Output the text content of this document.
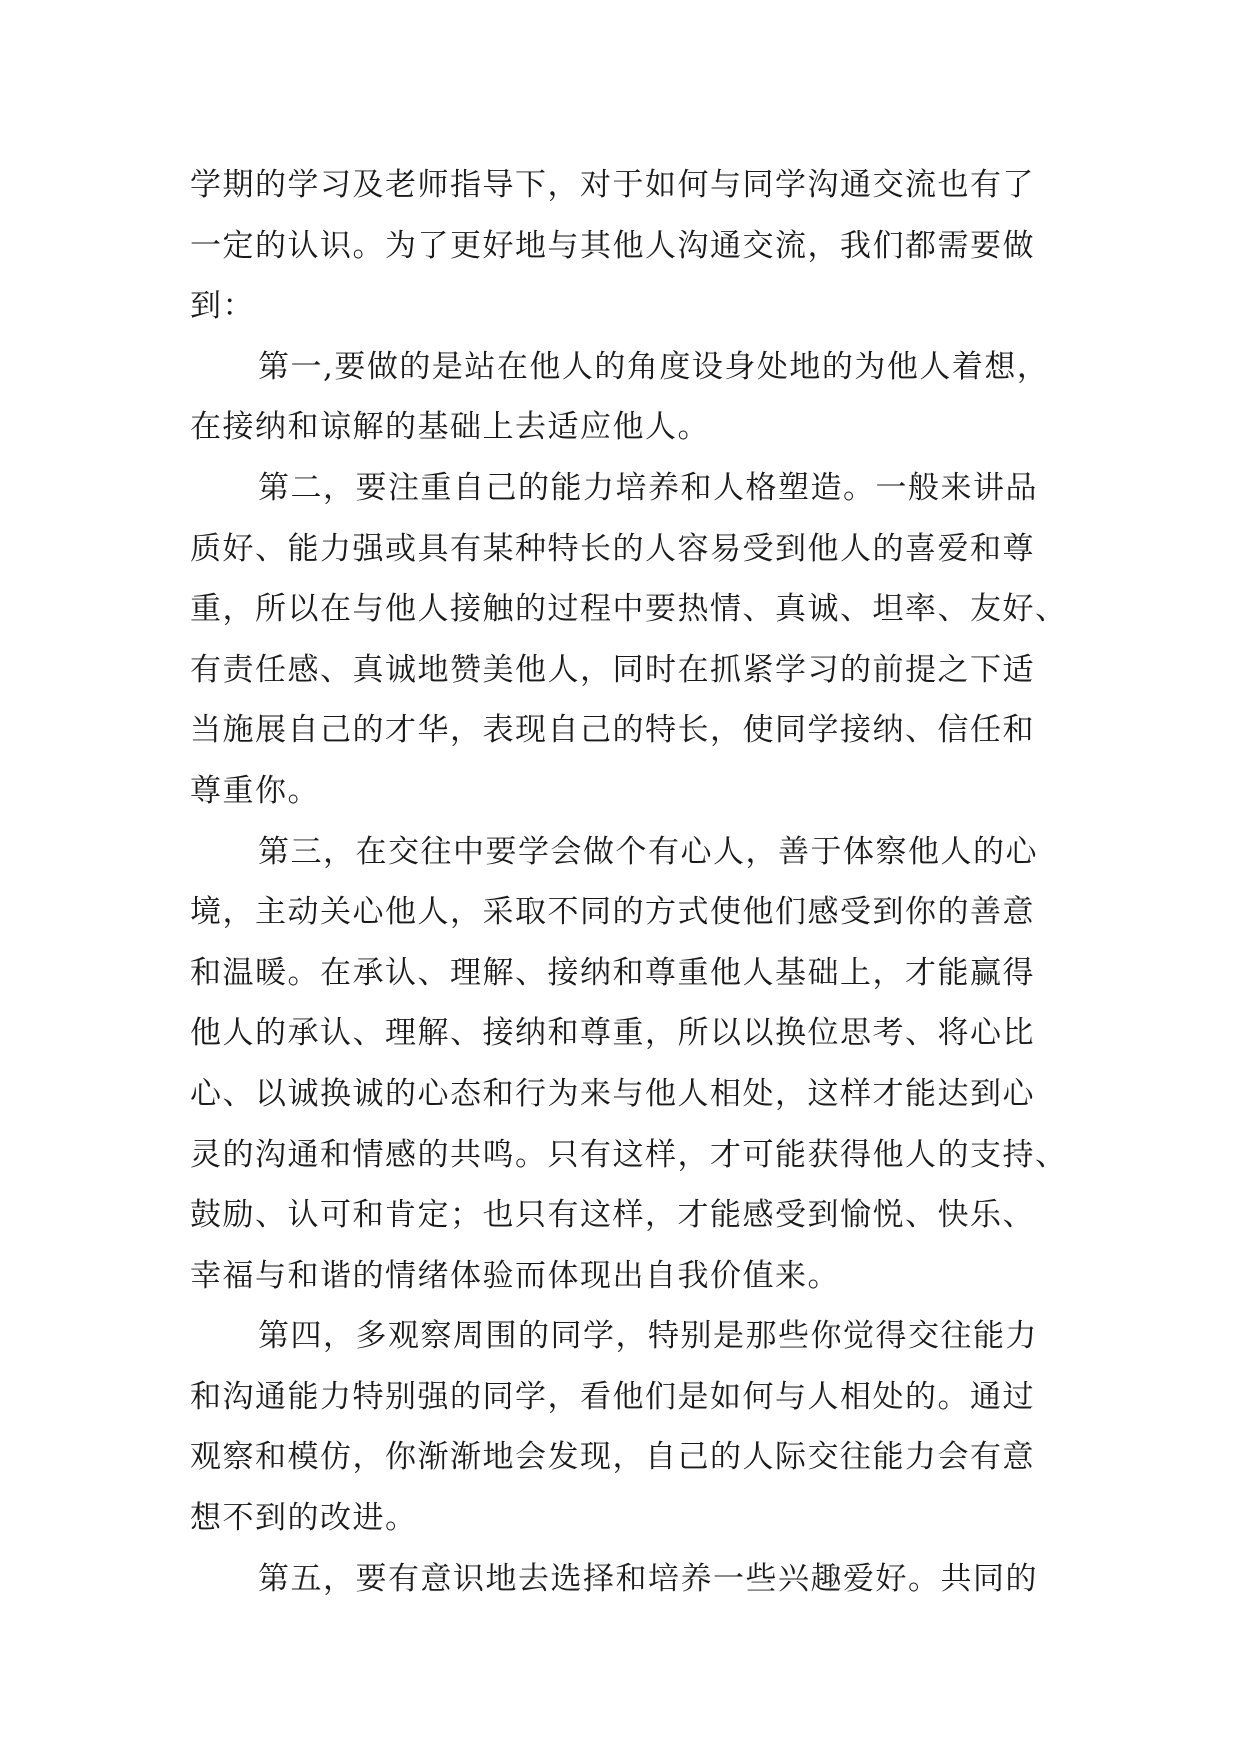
学期的学习及老师指导下，对于如何与同学沟通交流也有了
一定的认识。为了更好地与其他人沟通交流，我们都需要做
到：
第一,要做的是站在他人的角度设身处地的为他人着想，
在接纳和谅解的基础上去适应他人。
第二，要注重自己的能力培养和人格塑造。一般来讲品
质好、能力强或具有某种特长的人容易受到他人的喜爱和尊
重，所以在与他人接触的过程中要热情、真诚、坦率、友好、
有责任感、真诚地赞美他人，同时在抓紧学习的前提之下适
当施展自己的才华，表现自己的特长，使同学接纳、信任和
尊重你。
第三，在交往中要学会做个有心人，善于体察他人的心
境，主动关心他人，采取不同的方式使他们感受到你的善意
和温暖。在承认、理解、接纳和尊重他人基础上，才能赢得
他人的承认、理解、接纳和尊重，所以以换位思考、将心比
心、以诚换诚的心态和行为来与他人相处，这样才能达到心
灵的沟通和情感的共鸣。只有这样，才可能获得他人的支持、
鼓励、认可和肯定；也只有这样，才能感受到愉悦、快乐、
幸福与和谐的情绪体验而体现出自我价值来。
第四，多观察周围的同学，特别是那些你觉得交往能力
和沟通能力特别强的同学，看他们是如何与人相处的。通过
观察和模仿，你渐渐地会发现，自己的人际交往能力会有意
想不到的改进。
第五，要有意识地去选择和培养一些兴趣爱好。共同的
